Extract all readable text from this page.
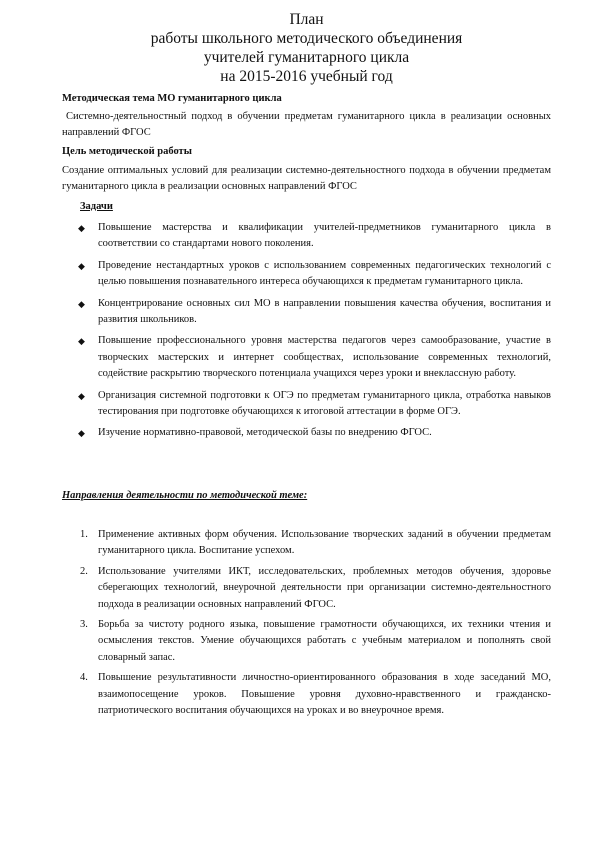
План
работы школьного методического объединения
учителей гуманитарного цикла
на 2015-2016 учебный год
Методическая тема МО гуманитарного цикла
Системно-деятельностный подход в обучении предметам гуманитарного цикла в реализации основных направлений ФГОС
Цель методической работы
Создание оптимальных условий для реализации системно-деятельностного подхода в обучении предметам гуманитарного цикла в реализации основных направлений ФГОС
Задачи
◆ Повышение мастерства и квалификации учителей-предметников гуманитарного цикла в соответствии со стандартами нового поколения.
◆ Проведение нестандартных уроков с использованием современных педагогических технологий с целью повышения познавательного интереса обучающихся к предметам гуманитарного цикла.
◆ Концентрирование основных сил МО в направлении повышения качества обучения, воспитания и развития школьников.
◆ Повышение профессионального уровня мастерства педагогов через самообразование, участие в творческих мастерских и интернет сообществах, использование современных технологий, содействие раскрытию творческого потенциала учащихся через уроки и внеклассную работу.
◆ Организация системной подготовки к ОГЭ по предметам гуманитарного цикла, отработка навыков тестирования при подготовке обучающихся к итоговой аттестации в форме ОГЭ.
◆ Изучение нормативно-правовой, методической базы по внедрению ФГОС.
Направления деятельности по методической теме:
1. Применение активных форм обучения. Использование творческих заданий в обучении предметам гуманитарного цикла. Воспитание успехом.
2. Использование учителями ИКТ, исследовательских, проблемных методов обучения, здоровье сберегающих технологий, внеурочной деятельности при организации системно-деятельностного подхода в реализации основных направлений ФГОС.
3. Борьба за чистоту родного языка, повышение грамотности обучающихся, их техники чтения и осмысления текстов. Умение обучающихся работать с учебным материалом и пополнять свой словарный запас.
4. Повышение результативности личностно-ориентированного образования в ходе заседаний МО, взаимопосещение уроков. Повышение уровня духовно-нравственного и гражданско-патриотического воспитания обучающихся на уроках и во внеурочное время.
